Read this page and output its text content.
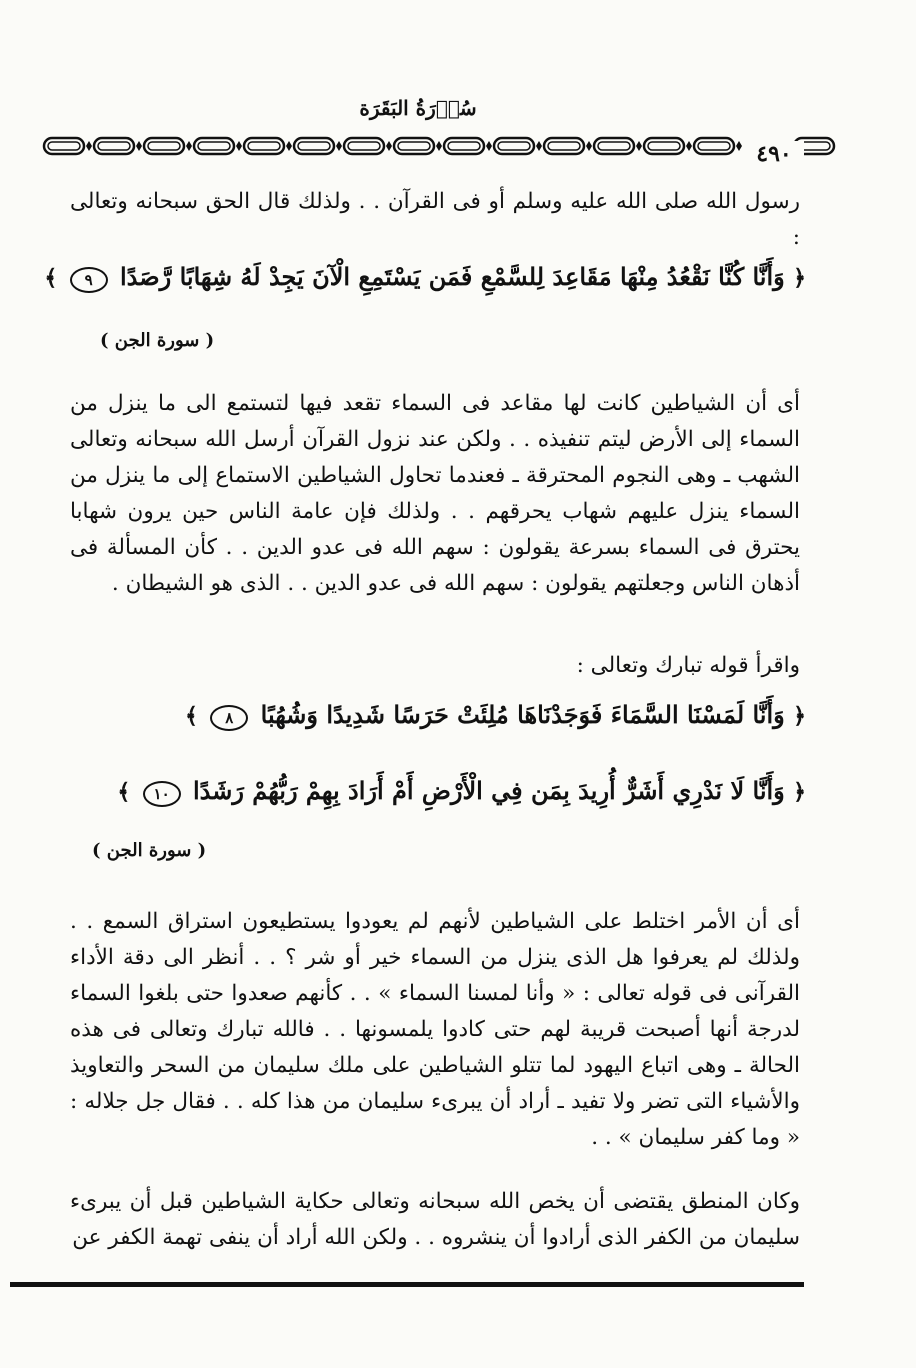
سُوۡرَةُ البَقَرَة
٤٩٠
رسول الله صلى الله عليه وسلم أو فى القرآن . . ولذلك قال الحق سبحانه وتعالى :
﴿ وَأَنَّا كُنَّا نَقْعُدُ مِنْهَا مَقَاعِدَ لِلسَّمْعِ فَمَن يَسْتَمِعِ الْآنَ يَجِدْ لَهُ شِهَابًا رَّصَدًا ٩ ﴾
( سورة الجن )
أى أن الشياطين كانت لها مقاعد فى السماء تقعد فيها لتستمع الى ما ينزل من السماء إلى الأرض ليتم تنفيذه . . ولكن عند نزول القرآن أرسل الله سبحانه وتعالى الشهب ـ وهى النجوم المحترقة ـ فعندما تحاول الشياطين الاستماع إلى ما ينزل من السماء ينزل عليهم شهاب يحرقهم . . ولذلك فإن عامة الناس حين يرون شهابا يحترق فى السماء بسرعة يقولون : سهم الله فى عدو الدين . . كأن المسألة فى أذهان الناس وجعلتهم يقولون : سهم الله فى عدو الدين . . الذى هو الشيطان .
واقرأ قوله تبارك وتعالى :
﴿ وَأَنَّا لَمَسْنَا السَّمَاءَ فَوَجَدْنَاهَا مُلِئَتْ حَرَسًا شَدِيدًا وَشُهُبًا ٨ ﴾
﴿ وَأَنَّا لَا نَدْرِي أَشَرٌّ أُرِيدَ بِمَن فِي الْأَرْضِ أَمْ أَرَادَ بِهِمْ رَبُّهُمْ رَشَدًا ١٠ ﴾
( سورة الجن )
أى أن الأمر اختلط على الشياطين لأنهم لم يعودوا يستطيعون استراق السمع . . ولذلك لم يعرفوا هل الذى ينزل من السماء خير أو شر ؟ . . أنظر الى دقة الأداء القرآنى فى قوله تعالى : « وأنا لمسنا السماء » . . كأنهم صعدوا حتى بلغوا السماء لدرجة أنها أصبحت قريبة لهم حتى كادوا يلمسونها . . فالله تبارك وتعالى فى هذه الحالة ـ وهى اتباع اليهود لما تتلو الشياطين على ملك سليمان من السحر والتعاويذ والأشياء التى تضر ولا تفيد ـ أراد أن يبرىء سليمان من هذا كله . . فقال جل جلاله : « وما كفر سليمان » . .
وكان المنطق يقتضى أن يخص الله سبحانه وتعالى حكاية الشياطين قبل أن يبرىء سليمان من الكفر الذى أرادوا أن ينشروه . . ولكن الله أراد أن ينفى تهمة الكفر عن
